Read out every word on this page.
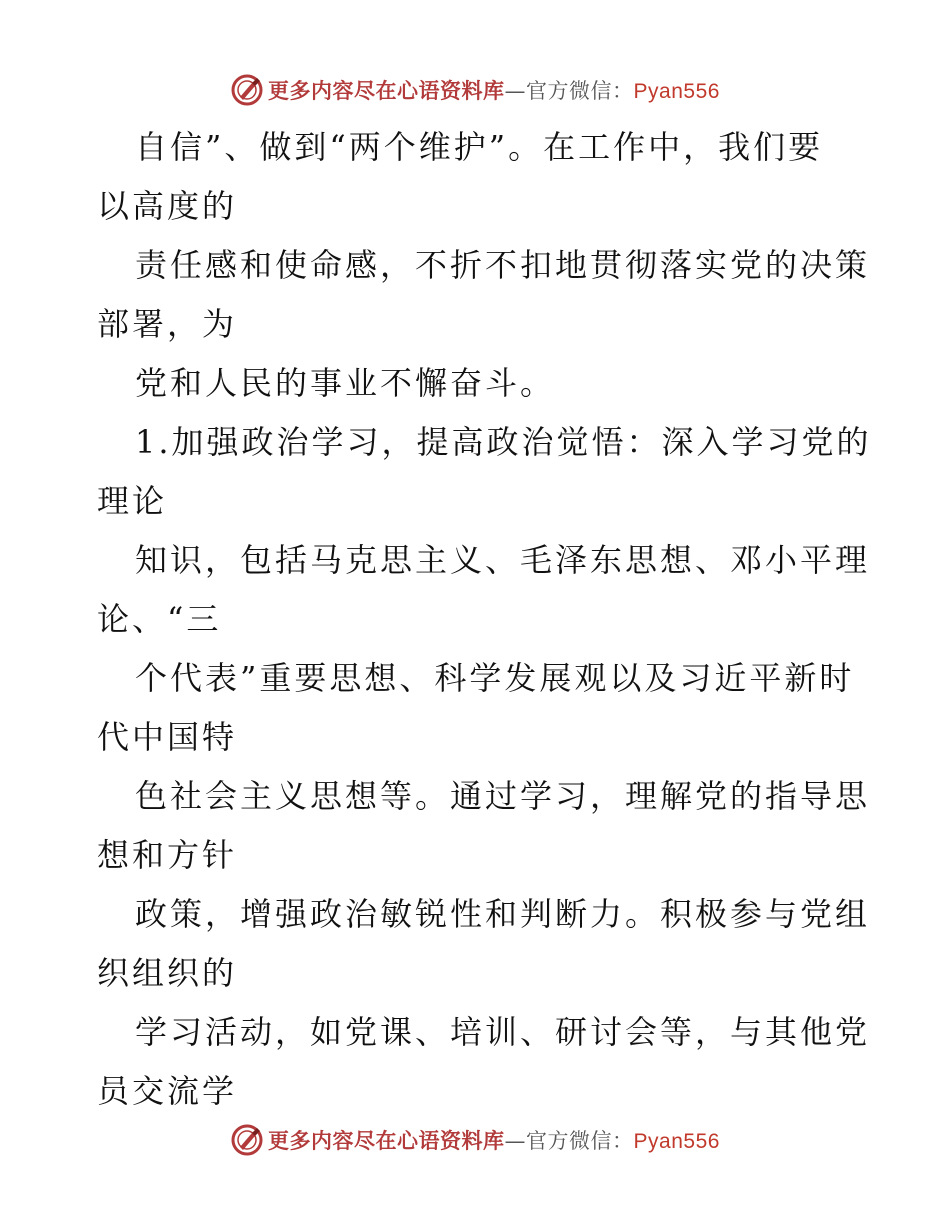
更多内容尽在心语资料库—官方微信：Pyan556
自信”、做到“两个维护”。在工作中，我们要
以高度的
责任感和使命感，不折不扣地贯彻落实党的决策
部署，为
党和人民的事业不懈奋斗。
1.加强政治学习，提高政治觉悟：深入学习党的
理论
知识，包括马克思主义、毛泽东思想、邓小平理
论、“三
个代表”重要思想、科学发展观以及习近平新时
代中国特
色社会主义思想等。通过学习，理解党的指导思
想和方针
政策，增强政治敏锐性和判断力。积极参与党组
织组织的
学习活动，如党课、培训、研讨会等，与其他党
员交流学
更多内容尽在心语资料库—官方微信：Pyan556
